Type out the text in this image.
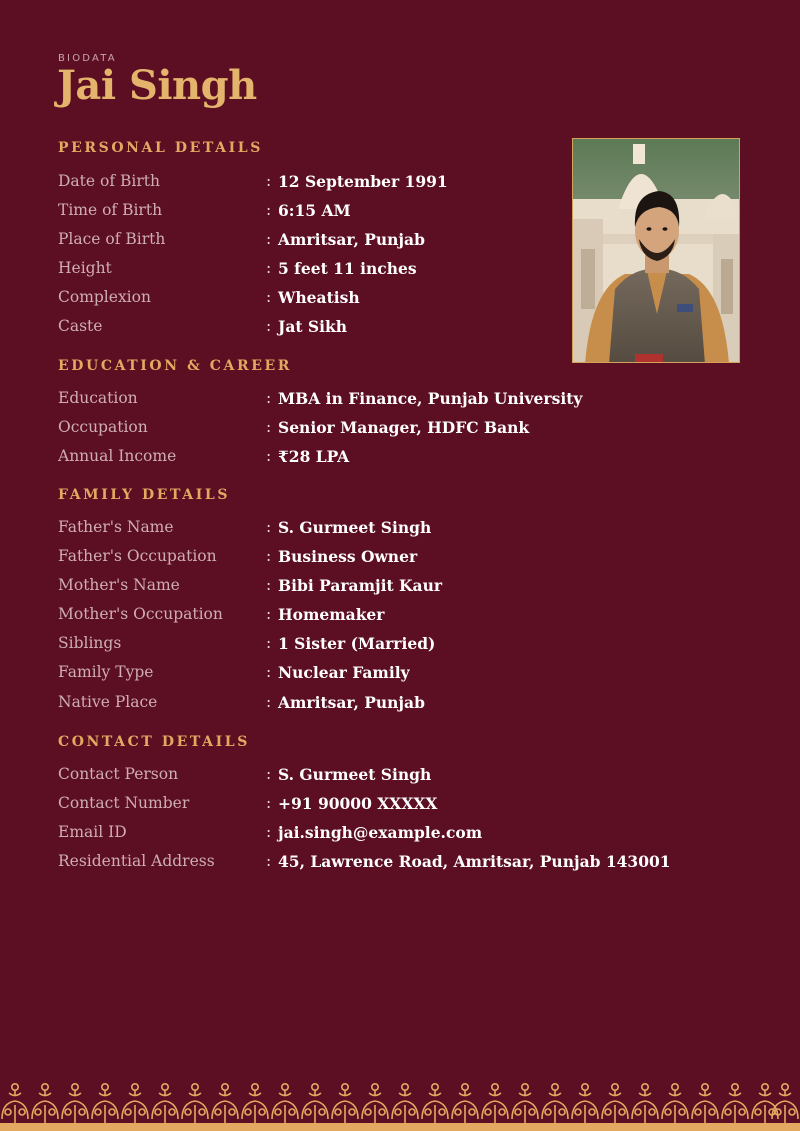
BIODATA
Jai Singh
PERSONAL DETAILS
Date of Birth	: 12 September 1991
Time of Birth	: 6:15 AM
Place of Birth	: Amritsar, Punjab
Height	: 5 feet 11 inches
Complexion	: Wheatish
Caste	: Jat Sikh
EDUCATION & CAREER
Education	: MBA in Finance, Punjab University
Occupation	: Senior Manager, HDFC Bank
Annual Income	: ₹28 LPA
FAMILY DETAILS
Father's Name	: S. Gurmeet Singh
Father's Occupation	: Business Owner
Mother's Name	: Bibi Paramjit Kaur
Mother's Occupation	: Homemaker
Siblings	: 1 Sister (Married)
Family Type	: Nuclear Family
Native Place	: Amritsar, Punjab
CONTACT DETAILS
Contact Person	: S. Gurmeet Singh
Contact Number	: +91 90000 XXXXX
Email ID	: jai.singh@example.com
Residential Address	: 45, Lawrence Road, Amritsar, Punjab 143001
